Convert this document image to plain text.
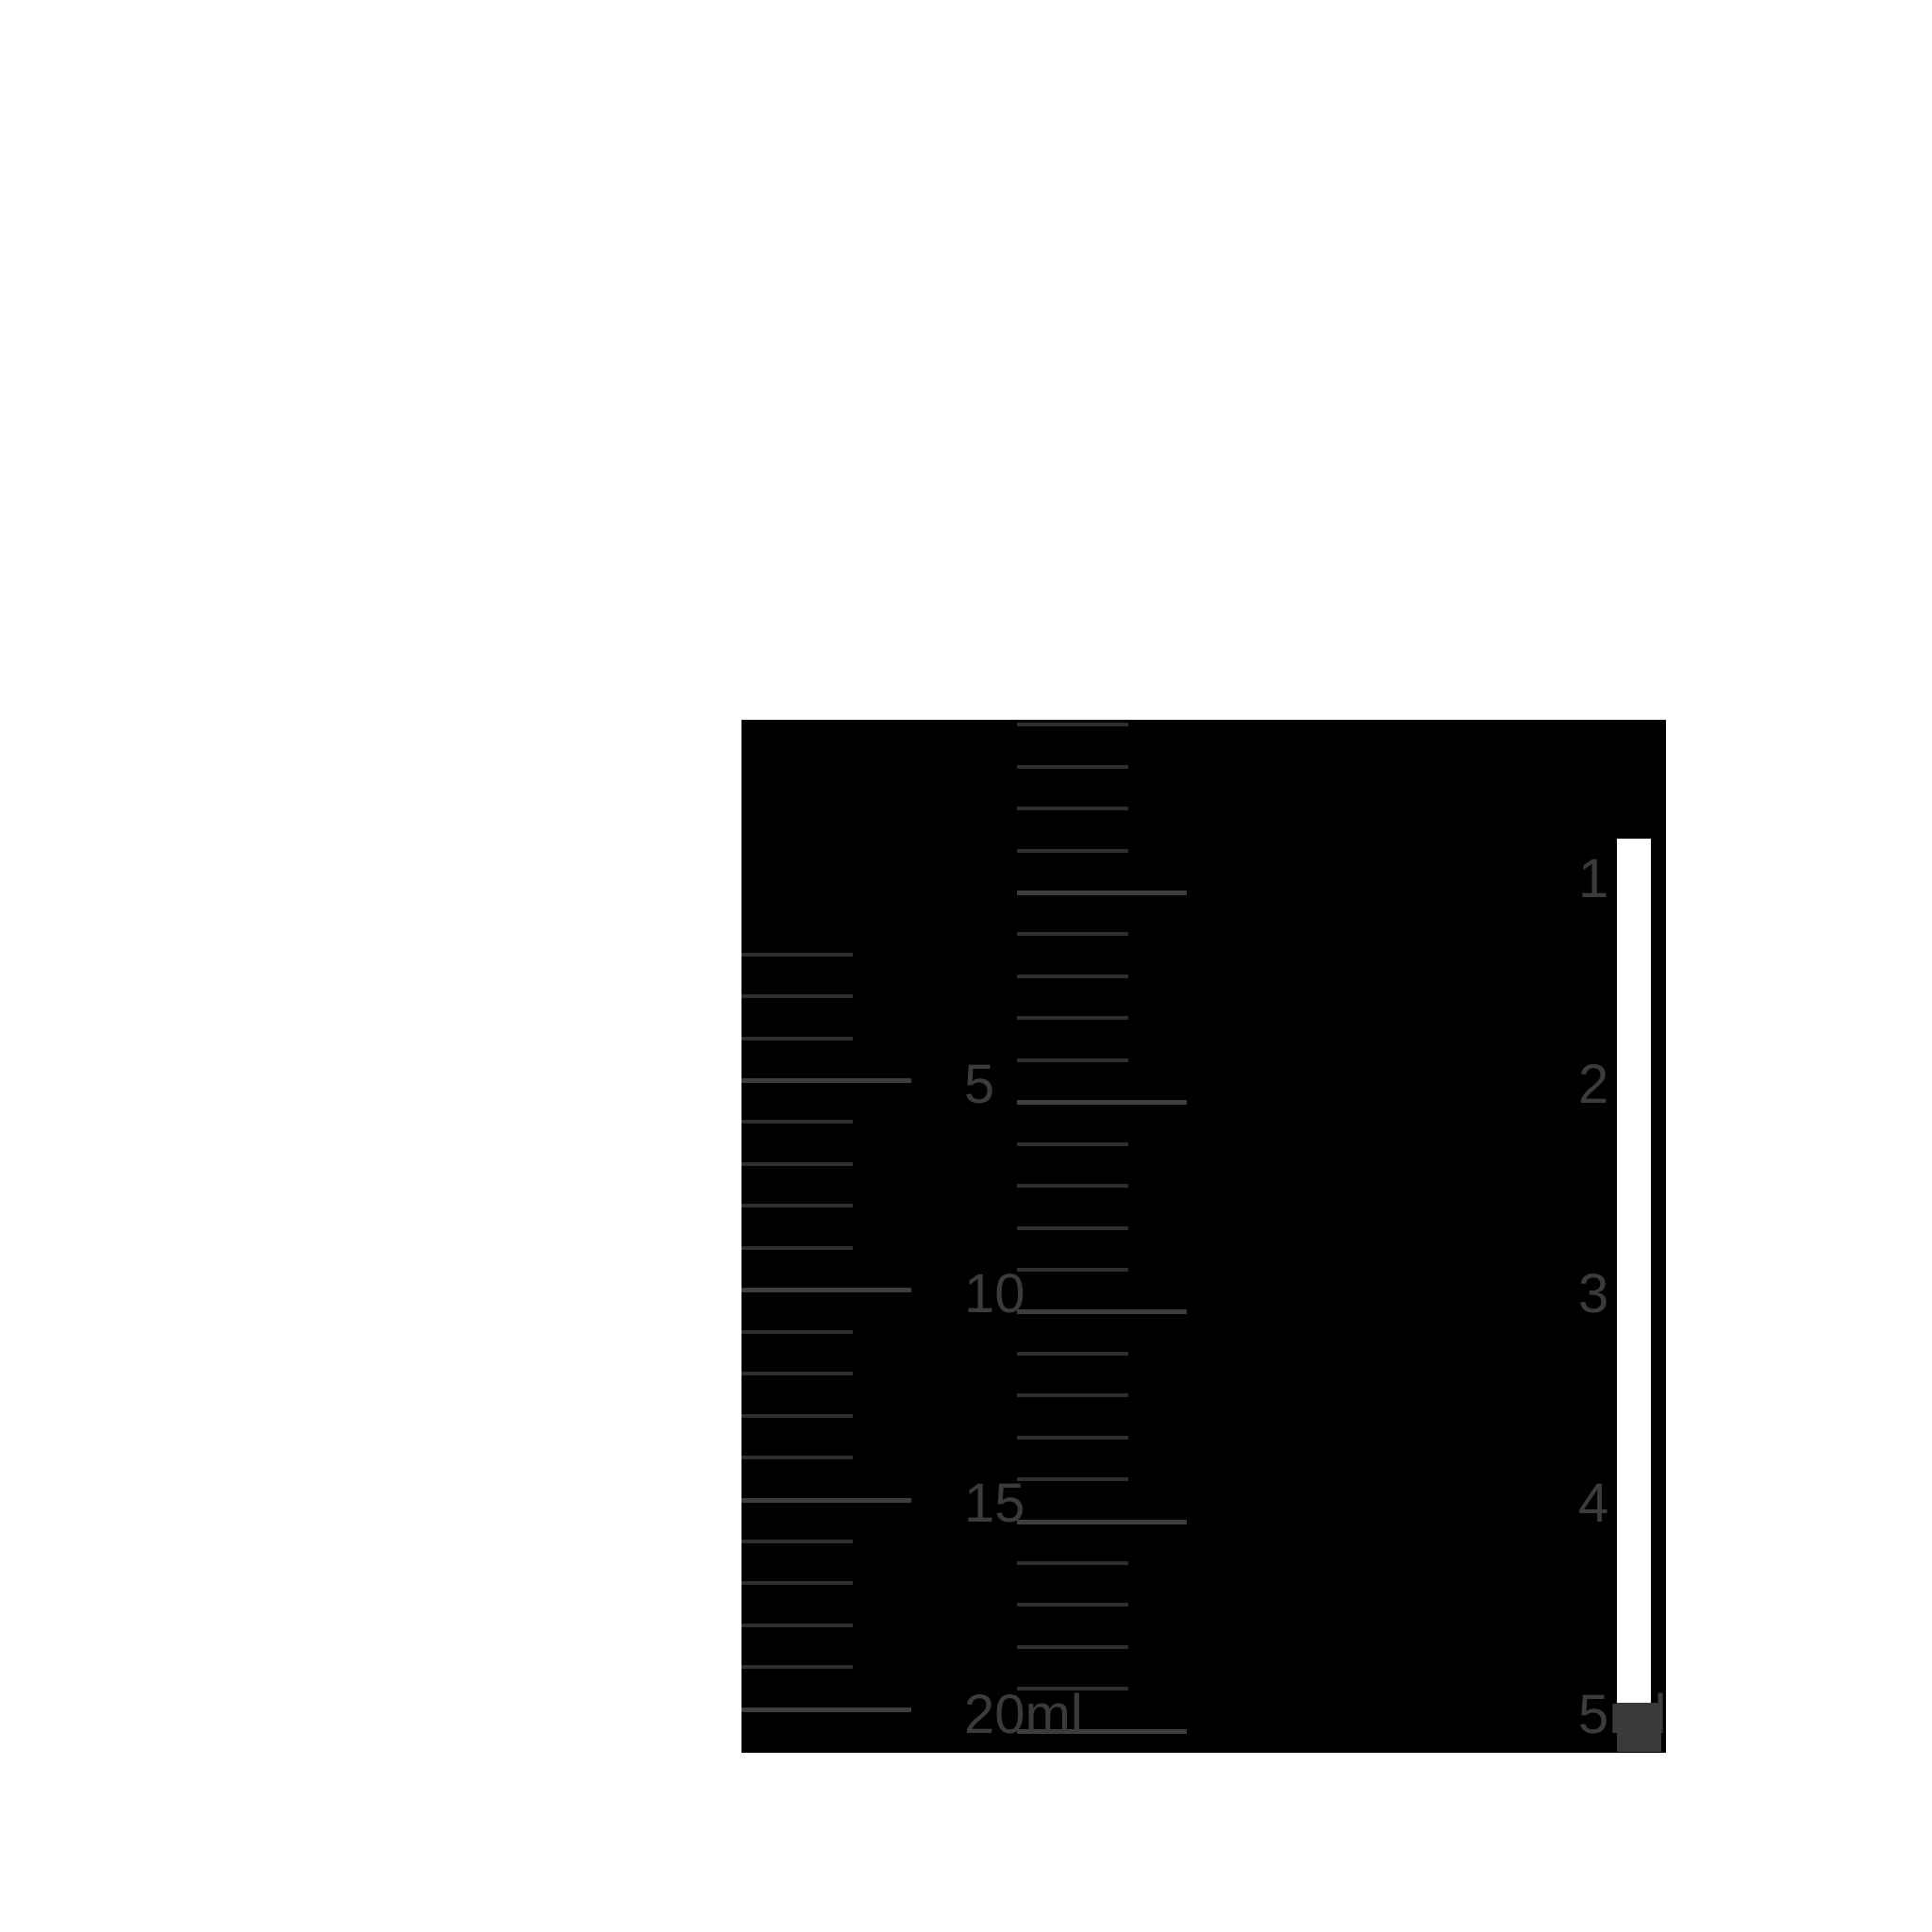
5
10
15
20ml
1
2
3
4
5ml
